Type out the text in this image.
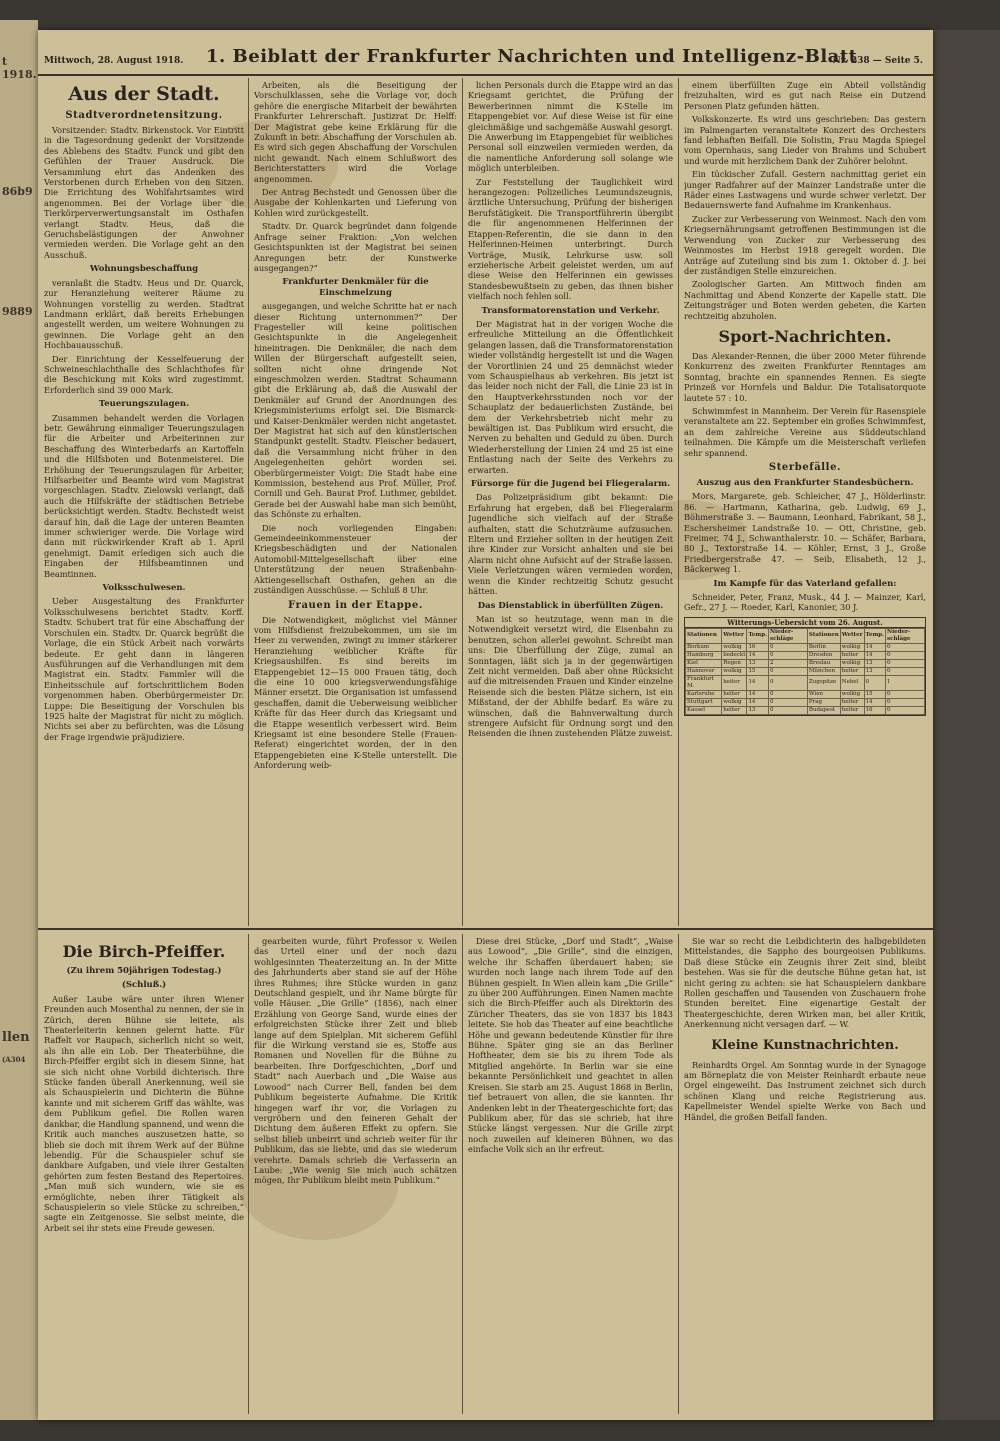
t 1918.
86b9
9889
llen
(A304
Mittwoch, 28. August 1918. 1. Beiblatt der Frankfurter Nachrichten und Intelligenz-Blatt
Nr. 238 — Seite 5.
Aus der Stadt.
Stadtverordnetensitzung.

Vorsitzender: Stadtv. Birkenstock. Vor Eintritt in die Tagesordnung gedenkt der Vorsitzende des Ablebens des Stadtv. Funck und gibt den Gefühlen der Trauer Ausdruck. Die Versammlung ehrt das Andenken des Verstorbenen durch Erheben von den Sitzen. Die Errichtung des Wohlfahrtsamtes wird angenommen. Bei der Vorlage über die Tierkörperverwertungsanstalt im Osthafen verlangt Stadtv. Heus, daß die Geruchsbelästigungen der Anwohner vermieden werden. Die Vorlage geht an den Ausschuß.

Wohnungsbeschaffung

veranlaßt die Stadtv. Heus und Dr. Quarck, zur Heranziehung weiterer Räume zu Wohnungen vorstellig zu werden. Stadtrat Landmann erklärt, daß bereits Erhebungen angestellt werden, um weitere Wohnungen zu gewinnen. Die Vorlage geht an den Hochbauausschuß.

Der Einrichtung der Kesselfeuerung der Schweineschlachthalle des Schlachthofes für die Beschickung mit Koks wird zugestimmt. Erforderlich sind 39 000 Mark.

Teuerungszulagen.

Zusammen behandelt werden die Vorlagen betr. Gewährung einmaliger Teuerungszulagen für die Arbeiter und Arbeiterinnen zur Beschaffung des Winterbedarfs an Kartoffeln und die Hilfsboten und Botenmeisterei. Die Erhöhung der Teuerungszulagen für Arbeiter, Hilfsarbeiter und Beamte wird vom Magistrat vorgeschlagen. Stadtv. Zielowski verlangt, daß auch die Hilfskräfte der städtischen Betriebe berücksichtigt werden. Stadtv. Bechstedt weist darauf hin, daß die Lage der unteren Beamten immer schwieriger werde. Die Vorlage wird dann mit rückwirkender Kraft ab 1. April genehmigt. Damit erledigen sich auch die Eingaben der Hilfsbeamtinnen und Beamtinnen.

Volksschulwesen.

Ueber Ausgestaltung des Frankfurter Volksschulwesens berichtet Stadtv. Korff. Stadtv. Schubert trat für eine Abschaffung der Vorschulen ein. Stadtv. Dr. Quarck begrüßt die Vorlage, die ein Stück Arbeit nach vorwärts bedeute. Er geht dann in längeren Ausführungen auf die Verhandlungen mit dem Magistrat ein. Stadtv. Fammler will die Einheitsschule auf fortschrittlichem Boden vorgenommen haben. Oberbürgermeister Dr. Luppe: Die Beseitigung der Vorschulen bis 1925 halte der Magistrat für nicht zu möglich. Nichts sei aber zu befürchten, was die Lösung der Frage irgendwie präjudiziere.

Arbeiten, als die Beseitigung der Vorschulklassen, sehe die Vorlage vor, doch gehöre die energische Mitarbeit der bewährten Frankfurter Lehrerschaft. Justizrat Dr. Helff: Der Magistrat gebe keine Erklärung für die Zukunft in betr. Abschaffung der Vorschulen ab. Es wird sich gegen Abschaffung der Vorschulen nicht gewandt. Nach einem Schlußwort des Berichterstatters wird die Vorlage angenommen.

Der Antrag Bechstedt und Genossen über die Ausgabe der Kohlenkarten und Lieferung von Kohlen wird zurückgestellt.

Stadtv. Dr. Quarck begründet dann folgende Anfrage seiner Fraktion: „Von welchen Gesichtspunkten ist der Magistrat bei seinen Anregungen betr. der Kunstwerke ausgegangen?“

Frankfurter Denkmäler für die Einschmelzung

ausgegangen, und welche Schritte hat er nach dieser Richtung unternommen?“ Der Fragesteller will keine politischen Gesichtspunkte in die Angelegenheit hineintragen. Die Denkmäler, die nach dem Willen der Bürgerschaft aufgestellt seien, sollten nicht ohne dringende Not eingeschmolzen werden. Stadtrat Schaumann gibt die Erklärung ab, daß die Auswahl der Denkmäler auf Grund der Anordnungen des Kriegsministeriums erfolgt sei. Die Bismarck- und Kaiser-Denkmäler werden nicht angetastet. Der Magistrat hat sich auf den künstlerischen Standpunkt gestellt. Stadtv. Fleischer bedauert, daß die Versammlung nicht früher in den Angelegenheiten gehört worden sei. Oberbürgermeister Voigt: Die Stadt habe eine Kommission, bestehend aus Prof. Müller, Prof. Cornill und Geh. Baurat Prof. Luthmer, gebildet. Gerade bei der Auswahl habe man sich bemüht, das Schönste zu erhalten.

Die noch vorliegenden Eingaben: Gemeindeeinkommensteuer der Kriegsbeschädigten und der Nationalen Automobil-Mittelgesellschaft über eine Unterstützung der neuen Straßenbahn-Aktiengesellschaft Osthafen, gehen an die zuständigen Ausschüsse. — Schluß 8 Uhr.

Frauen in der Etappe.

Die Notwendigkeit, möglichst viel Männer vom Hilfsdienst freizubekommen, um sie im Heer zu verwenden, zwingt zu immer stärkerer Heranziehung weiblicher Kräfte für Kriegsaushilfen. Es sind bereits im Etappengebiet 12—15 000 Frauen tätig, doch die eine 10 000 kriegsverwendungsfähige Männer ersetzt. Die Organisation ist umfassend geschaffen, damit die Ueberweisung weiblicher Kräfte für das Heer durch das Kriegsamt und die Etappe wesentlich verbessert wird. Beim Kriegsamt ist eine besondere Stelle (Frauen-Referat) eingerichtet worden, der in den Etappengebieten eine K-Stelle unterstellt. Die Anforderung weib-

lichen Personals durch die Etappe wird an das Kriegsamt gerichtet, die Prüfung der Bewerberinnen nimmt die K-Stelle im Etappengebiet vor. Auf diese Weise ist für eine gleichmäßige und sachgemäße Auswahl gesorgt. Die Anwerbung im Etappengebiet für weibliches Personal soll einzweilen vermieden werden, da die namentliche Anforderung soll solange wie möglich unterbleiben.

Zur Feststellung der Tauglichkeit wird herangezogen: Polizeiliches Leumundszeugnis, ärztliche Untersuchung, Prüfung der bisherigen Berufstätigkeit. Die Transportführerin übergibt die für angenommenen Helferinnen der Etappen-Referentin, die sie dann in den Helferinnen-Heimen unterbringt. Durch Vorträge, Musik, Lehrkurse usw. soll erzieherische Arbeit geleistet werden, um auf diese Weise den Helferinnen ein gewisses Standesbewußtsein zu geben, das ihnen bisher vielfach noch fehlen soll.

Transformatorenstation und Verkehr.

Der Magistrat hat in der vorigen Woche die erfreuliche Mitteilung an die Öffentlichkeit gelangen lassen, daß die Transformatorenstation wieder vollständig hergestellt ist und die Wagen der Vorortlinien 24 und 25 demnächst wieder vom Schauspielhaus ab verkehren. Bis jetzt ist das leider noch nicht der Fall, die Linie 23 ist in den Hauptverkehrsstunden noch vor der Schauplatz der bedauerlichsten Zustände, bei dem der Verkehrsbetrieb nicht mehr zu bewältigen ist. Das Publikum wird ersucht, die Nerven zu behalten und Geduld zu üben. Durch Wiederherstellung der Linien 24 und 25 ist eine Entlastung nach der Seite des Verkehrs zu erwarten.

Fürsorge für die Jugend bei Fliegeralarm.

Das Polizeipräsidium gibt bekannt: Die Erfahrung hat ergeben, daß bei Fliegeralarm Jugendliche sich vielfach auf der Straße aufhalten, statt die Schutzräume aufzusuchen. Eltern und Erzieher sollten in der heutigen Zeit ihre Kinder zur Vorsicht anhalten und sie bei Alarm nicht ohne Aufsicht auf der Straße lassen. Viele Verletzungen wären vermieden worden, wenn die Kinder rechtzeitig Schutz gesucht hätten.

Das Dienstablick in überfüllten Zügen.

Man ist so heutzutage, wenn man in die Notwendigkeit versetzt wird, die Eisenbahn zu benutzen, schon allerlei gewohnt. Schreibt man uns: Die Überfüllung der Züge, zumal an Sonntagen, läßt sich ja in der gegenwärtigen Zeit nicht vermeiden. Daß aber ohne Rücksicht auf die mitreisenden Frauen und Kinder einzelne Reisende sich die besten Plätze sichern, ist ein Mißstand, der der Abhilfe bedarf. Es wäre zu wünschen, daß die Bahnverwaltung durch strengere Aufsicht für Ordnung sorgt und den Reisenden die ihnen zustehenden Plätze zuweist.

einem überfüllten Zuge ein Abteil vollständig freizuhalten, wird es gut nach Reise ein Dutzend Personen Platz gefunden hätten.

Volkskonzerte. Es wird uns geschrieben: Das gestern im Palmengarten veranstaltete Konzert des Orchesters fand lebhaften Beifall. Die Solistin, Frau Magda Spiegel vom Opernhaus, sang Lieder von Brahms und Schubert und wurde mit herzlichem Dank der Zuhörer belohnt.

Ein tückischer Zufall. Gestern nachmittag geriet ein junger Radfahrer auf der Mainzer Landstraße unter die Räder eines Lastwagens und wurde schwer verletzt. Der Bedauernswerte fand Aufnahme im Krankenhaus.

Zucker zur Verbesserung von Weinmost. Nach den vom Kriegsernährungsamt getroffenen Bestimmungen ist die Verwendung von Zucker zur Verbesserung des Weinmostes im Herbst 1918 geregelt worden. Die Anträge auf Zuteilung sind bis zum 1. Oktober d. J. bei der zuständigen Stelle einzureichen.

Zoologischer Garten. Am Mittwoch finden am Nachmittag und Abend Konzerte der Kapelle statt. Die Zeitungsträger und Boten werden gebeten, die Karten rechtzeitig abzuholen.

Sport-Nachrichten.

Das Alexander-Rennen, die über 2000 Meter führende Konkurrenz des zweiten Frankfurter Renntages am Sonntag, brachte ein spannendes Rennen. Es siegte Prinzeß vor Hornfels und Baldur. Die Totalisatorquote lautete 57 : 10.

Schwimmfest in Mannheim. Der Verein für Rasenspiele veranstaltete am 22. September ein großes Schwimmfest, an dem zahlreiche Vereine aus Süddeutschland teilnahmen. Die Kämpfe um die Meisterschaft verliefen sehr spannend.

Sterbefälle.
Auszug aus den Frankfurter Standesbüchern.

Mors, Margarete, geb. Schleicher, 47 J., Hölderlinstr. 86. — Hartmann, Katharina, geb. Ludwig, 69 J., Böhmerstraße 3. — Baumann, Leonhard, Fabrikant, 58 J., Eschersheimer Landstraße 10. — Ott, Christine, geb. Freimer, 74 J., Schwanthalerstr. 10. — Schäfer, Barbara, 80 J., Textorstraße 14. — Köhler, Ernst, 3 J., Große Friedbergerstraße 47. — Seib, Elisabeth, 12 J., Bäckerweg 1.

Im Kampfe für das Vaterland gefallen:

Schneider, Peter, Franz, Musk., 44 J. — Mainzer, Karl, Gefr., 27 J. — Roeder, Karl, Kanonier, 30 J.

Witterungs-Uebersicht vom 26. August.
Stationen	Wetter	Temp.	Nieder-schläge	Stationen	Wetter	Temp.	Nieder-schläge
Borkum	wolkig	16	0	Berlin	wolkig	14	0
Hamburg	bedeckt	14	0	Dresden	heiter	14	0
Kiel	Regen	13	2	Breslau	wolkig	13	0
Hannover	wolkig	15	0	München	heiter	13	0
Frankfurt M.	heiter	14	0	Zugspitze	Nebel	0	1
Karlsruhe	heiter	14	0	Wien	wolkig	15	0
Stuttgart	wolkig	14	0	Prag	heiter	14	0
Kassel	heiter	13	0	Budapest	heiter	16	0
Die Birch-Pfeiffer.
(Zu ihrem 50jährigen Todestag.)
(Schluß.)

Außer Laube wäre unter ihren Wiener Freunden auch Mosenthal zu nennen, der sie in Zürich, deren Bühne sie leitete, als Theaterleiterin kennen gelernt hatte. Für Raffelt vor Raupach, sicherlich nicht so weit, als ihn alle ein Lob. Der Theaterbühne, die Birch-Pfeiffer ergibt sich in diesem Sinne, hat sie sich nicht ohne Vorbild dichterisch. Ihre Stücke fanden überall Anerkennung, weil sie als Schauspielerin und Dichterin die Bühne kannte und mit sicherem Griff das wählte, was dem Publikum gefiel. Die Rollen waren dankbar, die Handlung spannend, und wenn die Kritik auch manches auszusetzen hatte, so blieb sie doch mit ihrem Werk auf der Bühne lebendig. Für die Schauspieler schuf sie dankbare Aufgaben, und viele ihrer Gestalten gehörten zum festen Bestand des Repertoires. „Man muß sich wundern, wie sie es ermöglichte, neben ihrer Tätigkeit als Schauspielerin so viele Stücke zu schreiben,“ sagte ein Zeitgenosse. Sie selbst meinte, die Arbeit sei ihr stets eine Freude gewesen.

gearbeiten wurde, führt Professor v. Weilen das Urteil einer und der noch dazu wohlgesinnten Theaterzeitung an. In der Mitte des Jahrhunderts aber stand sie auf der Höhe ihres Ruhmes; ihre Stücke wurden in ganz Deutschland gespielt, und ihr Name bürgte für volle Häuser. „Die Grille“ (1856), nach einer Erzählung von George Sand, wurde eines der erfolgreichsten Stücke ihrer Zeit und blieb lange auf dem Spielplan. Mit sicherem Gefühl für die Wirkung verstand sie es, Stoffe aus Romanen und Novellen für die Bühne zu bearbeiten. Ihre Dorfgeschichten, „Dorf und Stadt“ nach Auerbach und „Die Waise aus Lowood“ nach Currer Bell, fanden bei dem Publikum begeisterte Aufnahme. Die Kritik hingegen warf ihr vor, die Vorlagen zu vergröbern und den feineren Gehalt der Dichtung dem äußeren Effekt zu opfern. Sie selbst blieb unbeirrt und schrieb weiter für ihr Publikum, das sie liebte, und das sie wiederum verehrte. Damals schrieb die Verfasserin an Laube: „Wie wenig Sie mich auch schätzen mögen, Ihr Publikum bleibt mein Publikum.“

Diese drei Stücke, „Dorf und Stadt“, „Waise aus Lowood“, „Die Grille“, sind die einzigen, welche ihr Schaffen überdauert haben; sie wurden noch lange nach ihrem Tode auf den Bühnen gespielt. In Wien allein kam „Die Grille“ zu über 200 Aufführungen. Einen Namen machte sich die Birch-Pfeiffer auch als Direktorin des Züricher Theaters, das sie von 1837 bis 1843 leitete. Sie hob das Theater auf eine beachtliche Höhe und gewann bedeutende Künstler für ihre Bühne. Später ging sie an das Berliner Hoftheater, dem sie bis zu ihrem Tode als Mitglied angehörte. In Berlin war sie eine bekannte Persönlichkeit und geachtet in allen Kreisen. Sie starb am 25. August 1868 in Berlin, tief betrauert von allen, die sie kannten. Ihr Andenken lebt in der Theatergeschichte fort; das Publikum aber, für das sie schrieb, hat ihre Stücke längst vergessen. Nur die Grille zirpt noch zuweilen auf kleineren Bühnen, wo das einfache Volk sich an ihr erfreut.

Sie war so recht die Leibdichterin des halbgebildeten Mittelstandes, die Sappho des bourgeoisen Publikums. Daß diese Stücke ein Zeugnis ihrer Zeit sind, bleibt bestehen. Was sie für die deutsche Bühne getan hat, ist nicht gering zu achten: sie hat Schauspielern dankbare Rollen geschaffen und Tausenden von Zuschauern frohe Stunden bereitet. Eine eigenartige Gestalt der Theatergeschichte, deren Wirken man, bei aller Kritik, Anerkennung nicht versagen darf. — W.

Kleine Kunstnachrichten.

Reinhardts Orgel. Am Sonntag wurde in der Synagoge am Börneplatz die von Meister Reinhardt erbaute neue Orgel eingeweiht. Das Instrument zeichnet sich durch schönen Klang und reiche Registrierung aus. Kapellmeister Wendel spielte Werke von Bach und Händel, die großen Beifall fanden.
